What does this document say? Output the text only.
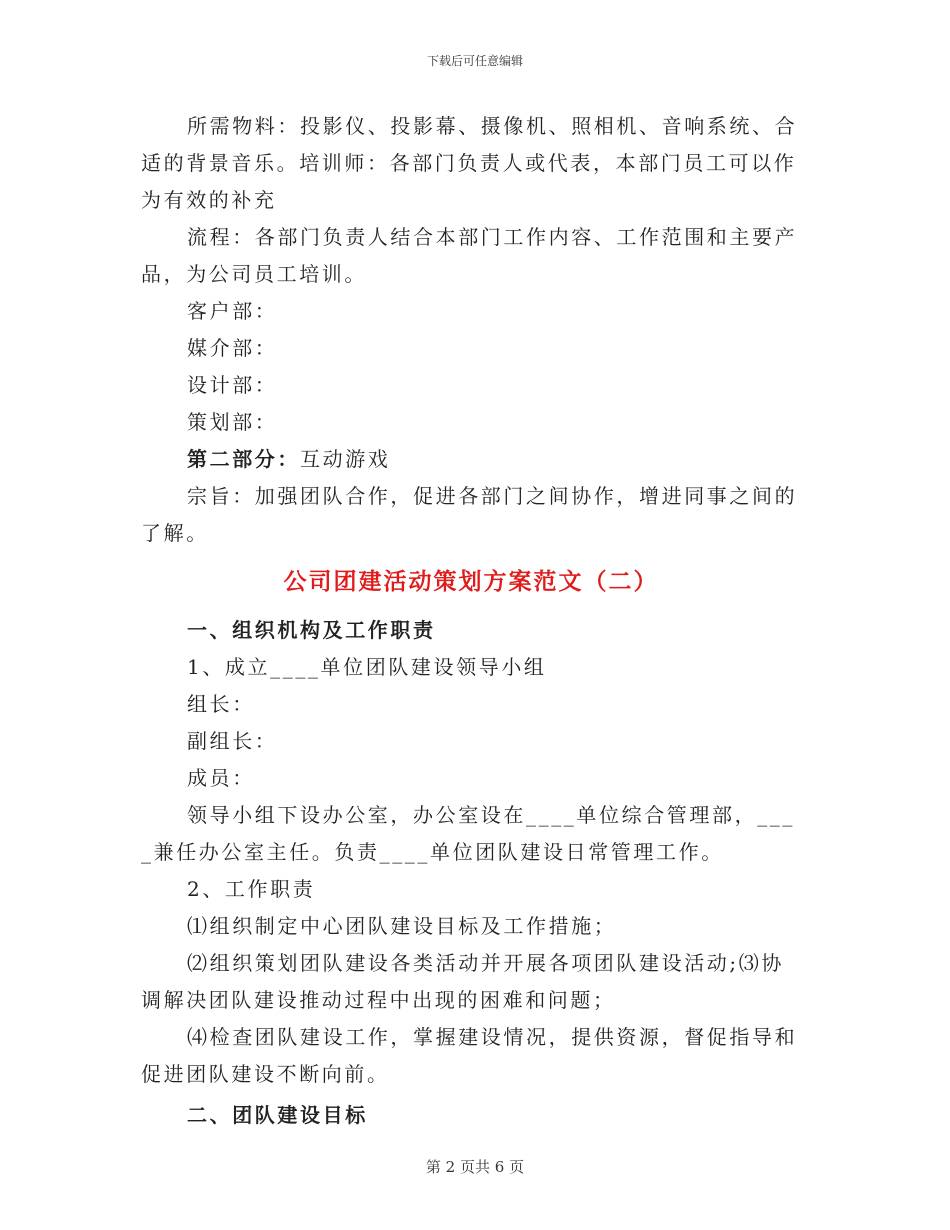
下载后可任意编辑

所需物料：投影仪、投影幕、摄像机、照相机、音响系统、合适的背景音乐。培训师：各部门负责人或代表，本部门员工可以作为有效的补充

流程：各部门负责人结合本部门工作内容、工作范围和主要产品，为公司员工培训。

客户部：

媒介部：

设计部：

策划部：

第二部分：互动游戏

宗旨：加强团队合作，促进各部门之间协作，增进同事之间的了解。

公司团建活动策划方案范文（二）

一、组织机构及工作职责

1、成立____单位团队建设领导小组

组长：

副组长：

成员：

领导小组下设办公室，办公室设在____单位综合管理部，____兼任办公室主任。负责____单位团队建设日常管理工作。

2、工作职责

⑴组织制定中心团队建设目标及工作措施；

⑵组织策划团队建设各类活动并开展各项团队建设活动;⑶协调解决团队建设推动过程中出现的困难和问题；

⑷检查团队建设工作，掌握建设情况，提供资源，督促指导和促进团队建设不断向前。

二、团队建设目标

第 2 页共 6 页
